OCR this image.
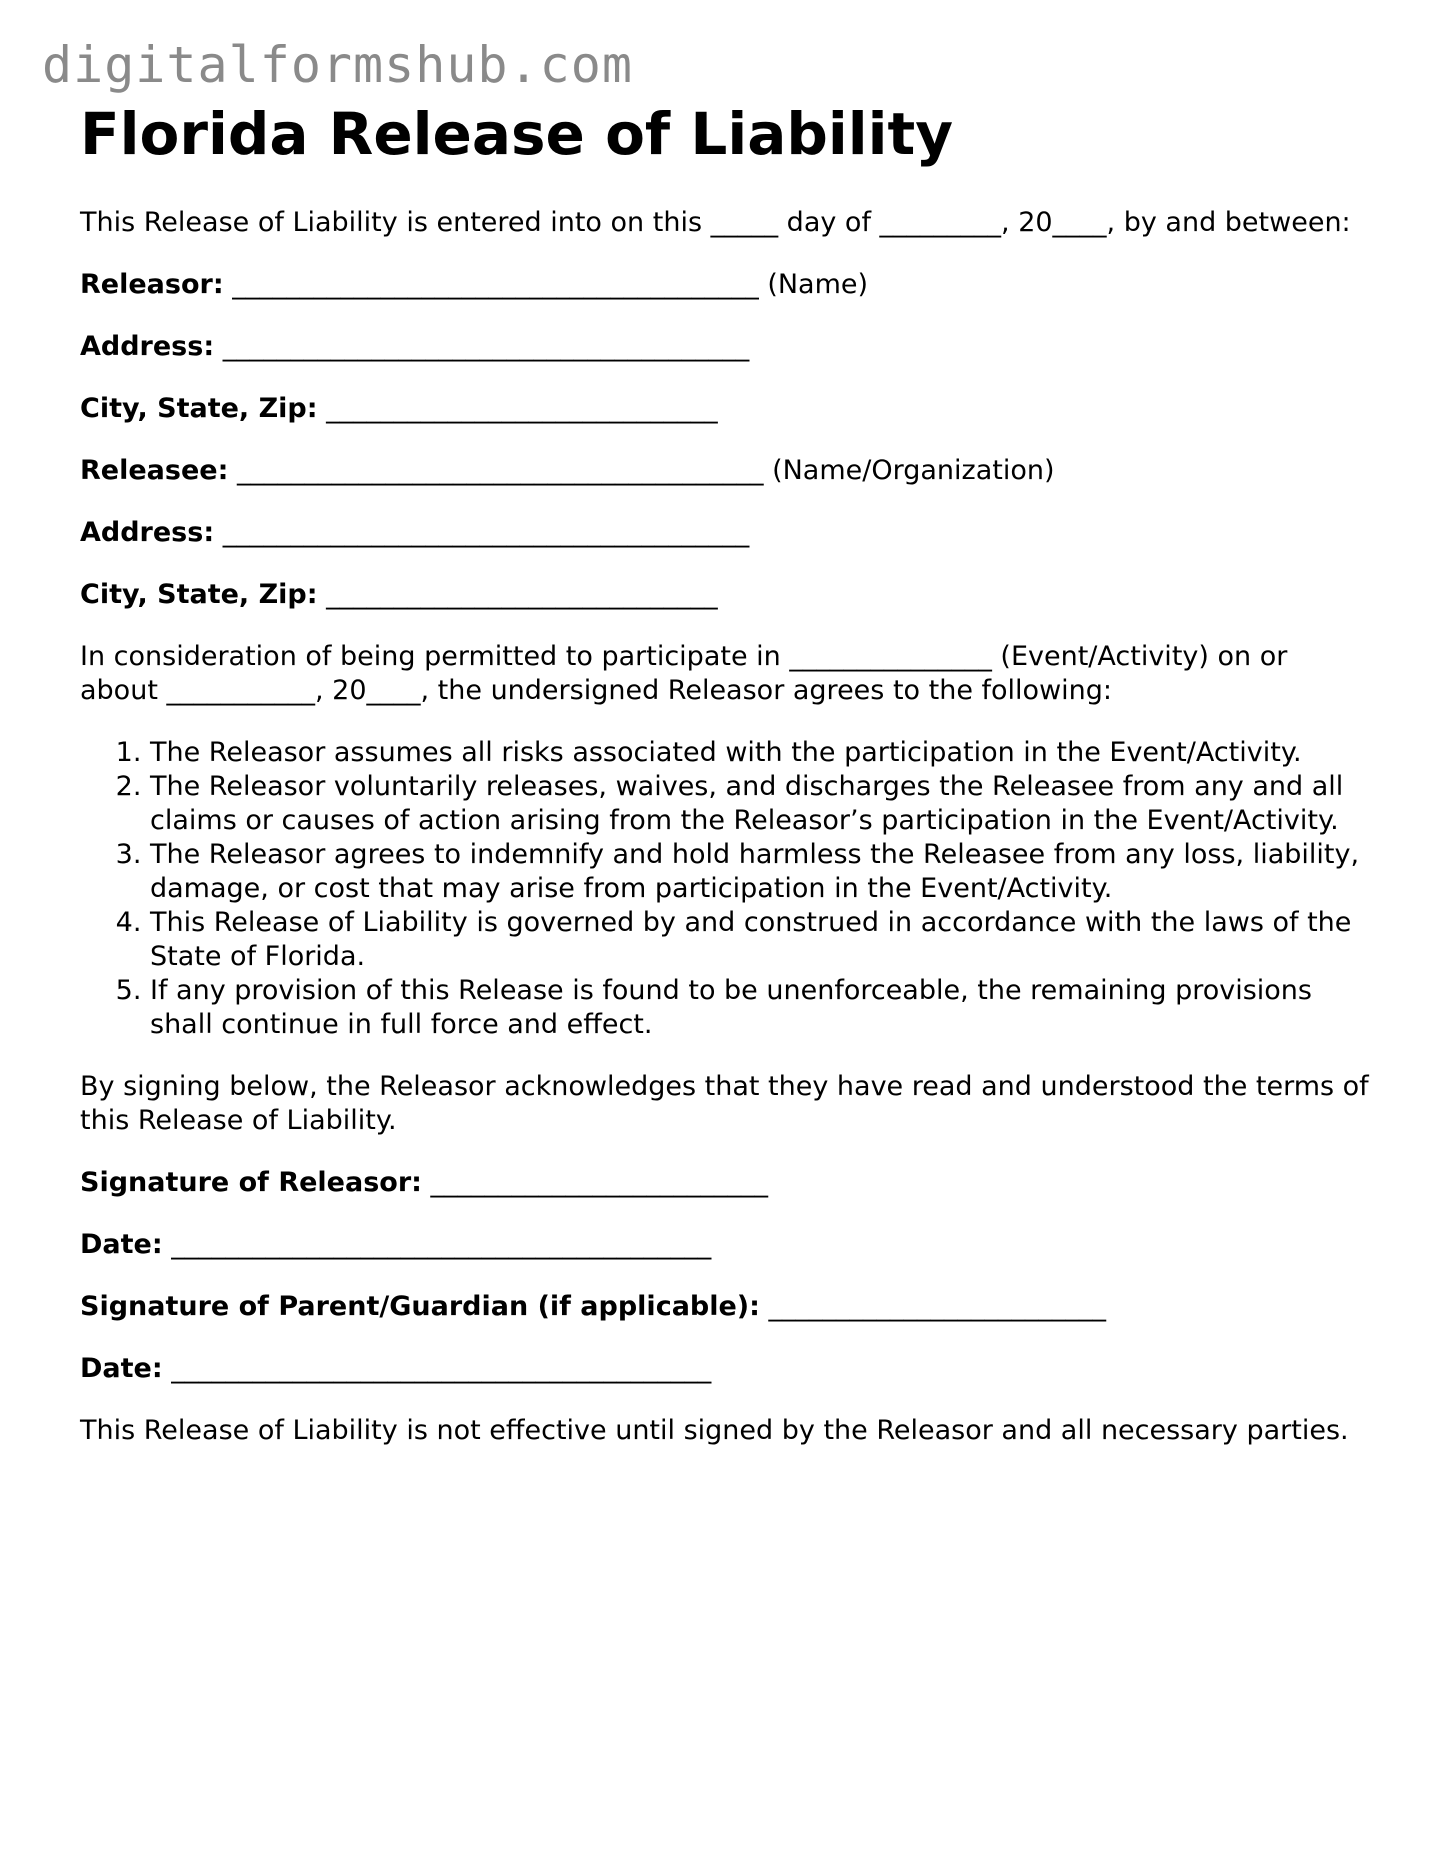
digitalformshub.com
Florida Release of Liability

This Release of Liability is entered into on this _____ day of _________, 20____, by and between:

Releasor: _______________________________________ (Name)
Address: _______________________________________
City, State, Zip: _____________________________
Releasee: _______________________________________ (Name/Organization)
Address: _______________________________________
City, State, Zip: _____________________________

In consideration of being permitted to participate in _______________ (Event/Activity) on or about ___________, 20____, the undersigned Releasor agrees to the following:

1. The Releasor assumes all risks associated with the participation in the Event/Activity.
2. The Releasor voluntarily releases, waives, and discharges the Releasee from any and all claims or causes of action arising from the Releasor’s participation in the Event/Activity.
3. The Releasor agrees to indemnify and hold harmless the Releasee from any loss, liability, damage, or cost that may arise from participation in the Event/Activity.
4. This Release of Liability is governed by and construed in accordance with the laws of the State of Florida.
5. If any provision of this Release is found to be unenforceable, the remaining provisions shall continue in full force and effect.

By signing below, the Releasor acknowledges that they have read and understood the terms of this Release of Liability.

Signature of Releasor: _________________________
Date: ________________________________________
Signature of Parent/Guardian (if applicable): _________________________
Date: ________________________________________

This Release of Liability is not effective until signed by the Releasor and all necessary parties.
